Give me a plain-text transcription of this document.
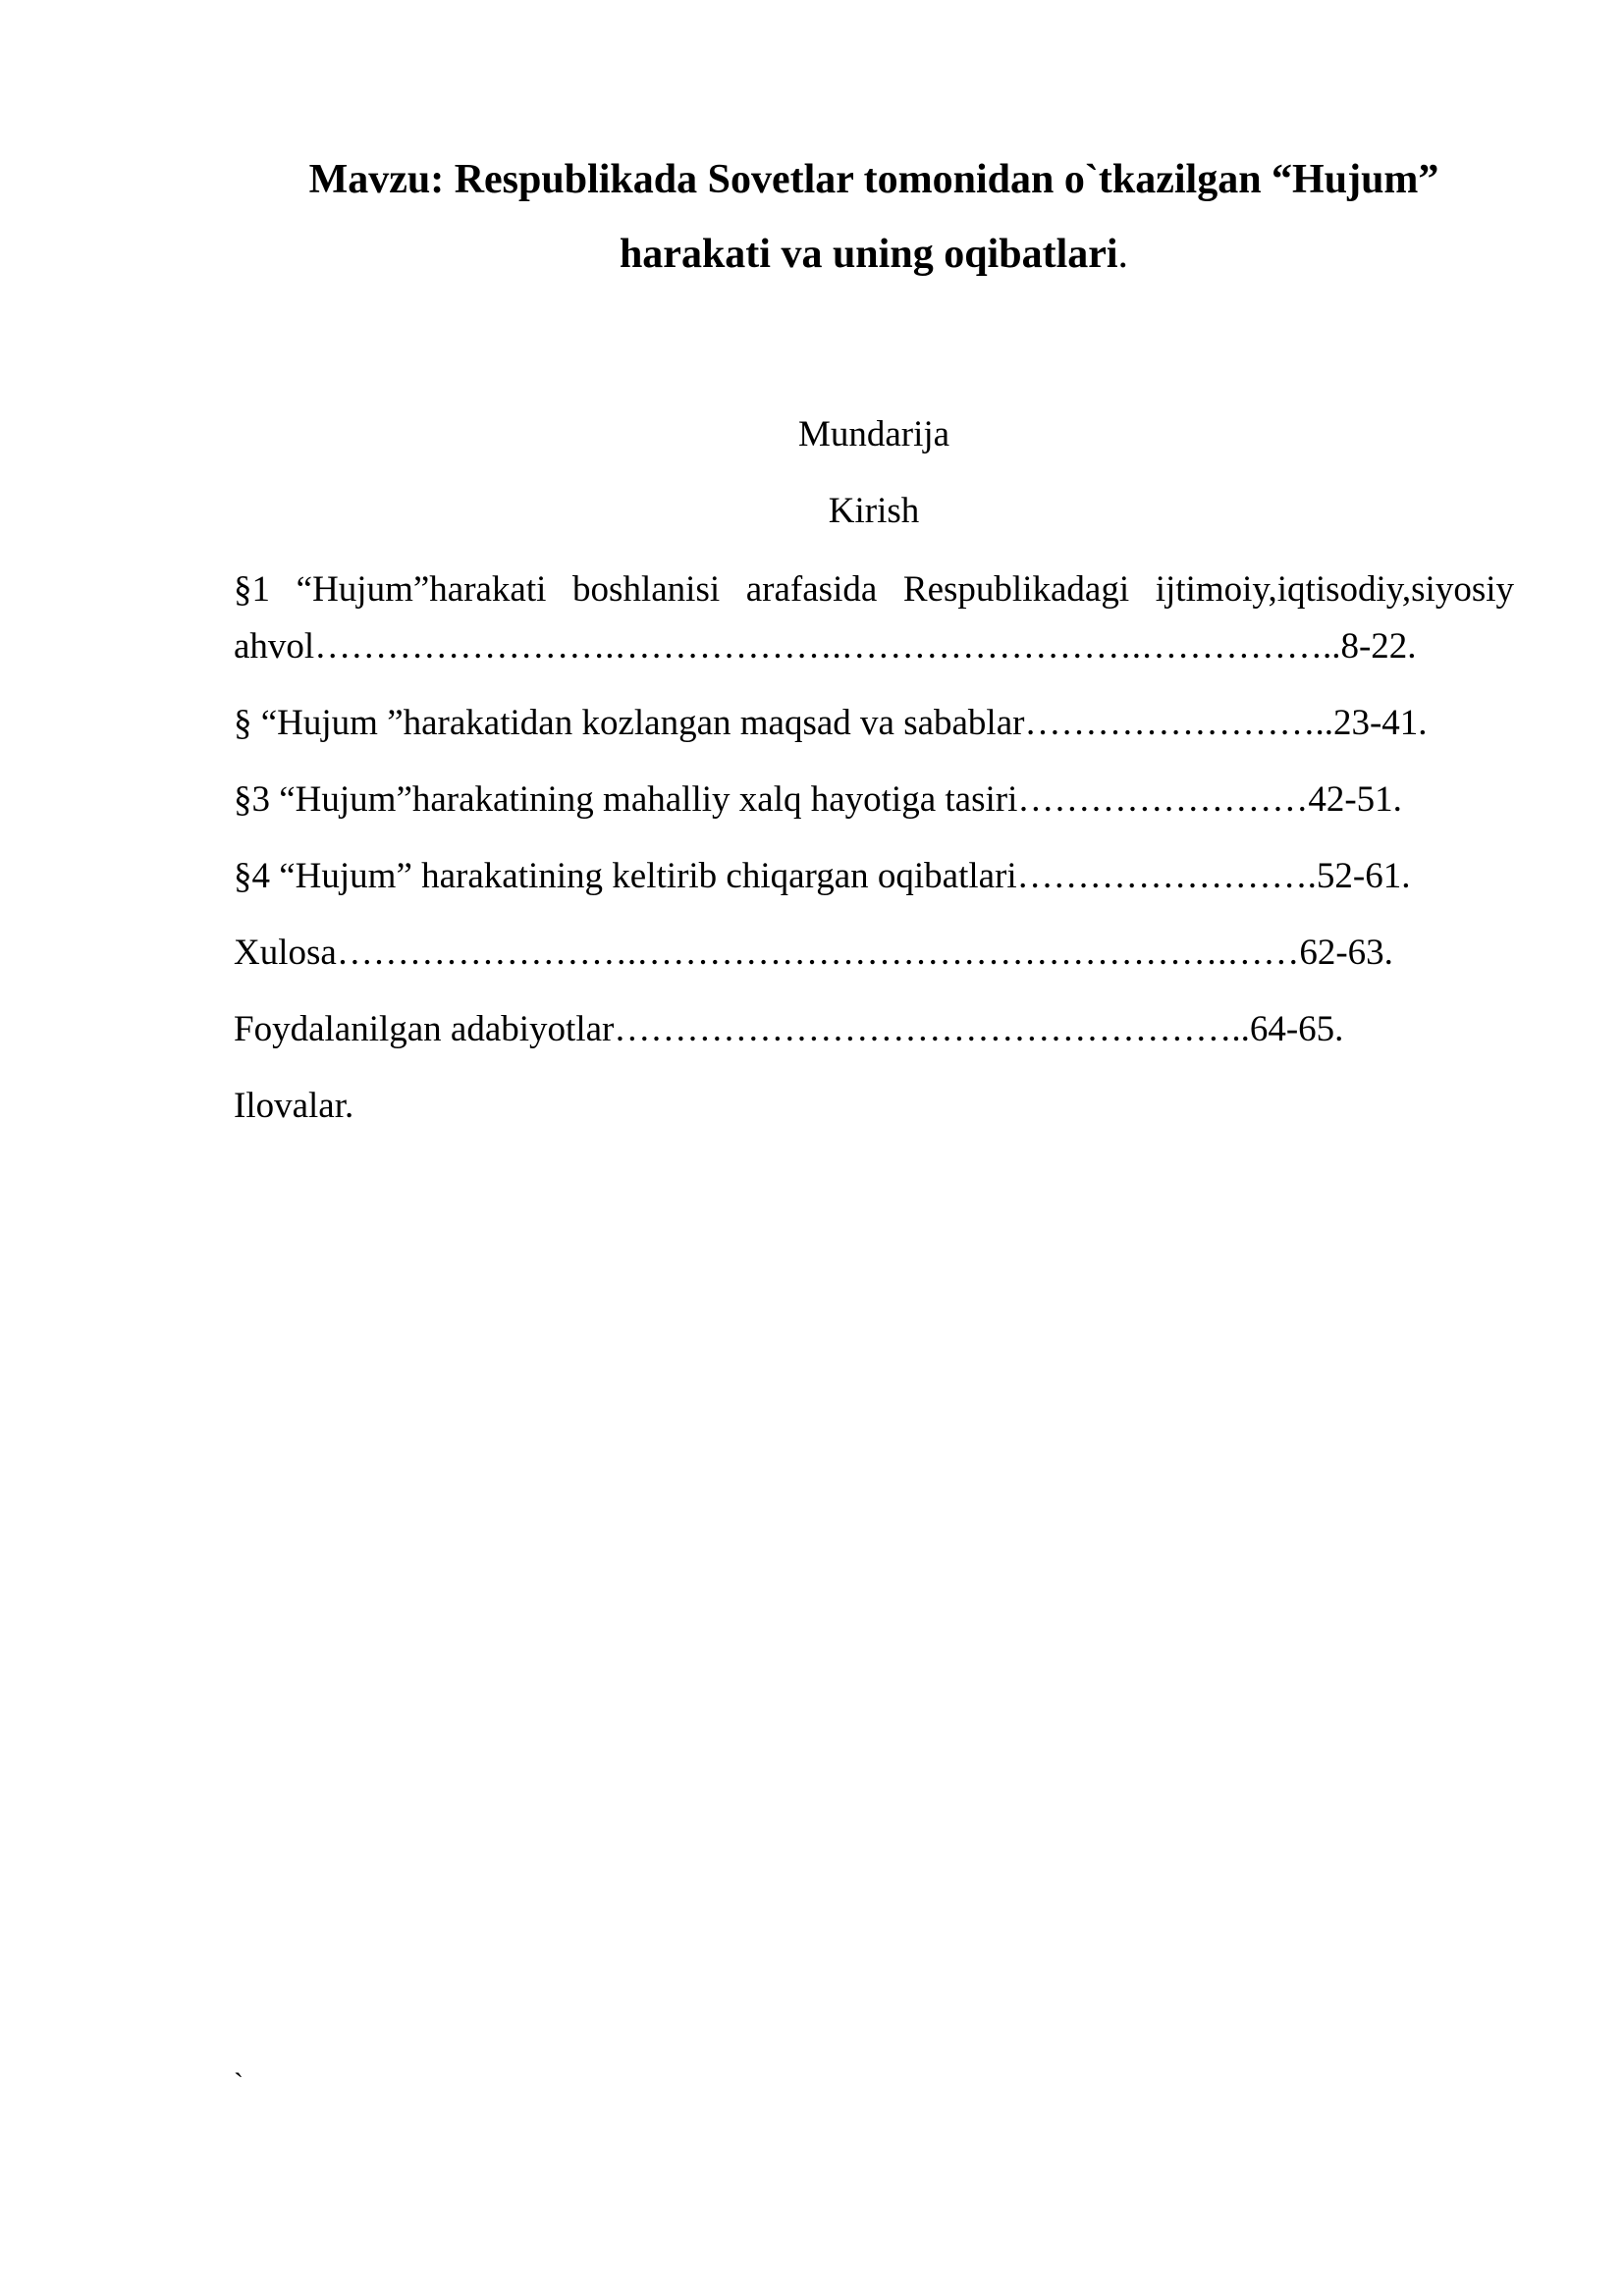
Mavzu: Respublikada Sovetlar tomonidan o`tkazilgan “Hujum”
harakati va uning oqibatlari.
Mundarija
Kirish
§1 “Hujum”harakati boshlanisi arafasida Respublikadagi ijtimoiy,iqtisodiy,siyosiy
ahvol…………………….……………….…………………….……………..8-22.
§ “Hujum ”harakatidan kozlangan maqsad va sabablar……………………..23-41.
§3 “Hujum”harakatining mahalliy xalq hayotiga tasiri……………………42-51.
§4 “Hujum” harakatining keltirib chiqargan oqibatlari…………………….52-61.
Xulosa…………………….………………………………………….……62-63.
Foydalanilgan adabiyotlar……………………………………………..64-65.
Ilovalar.
`
